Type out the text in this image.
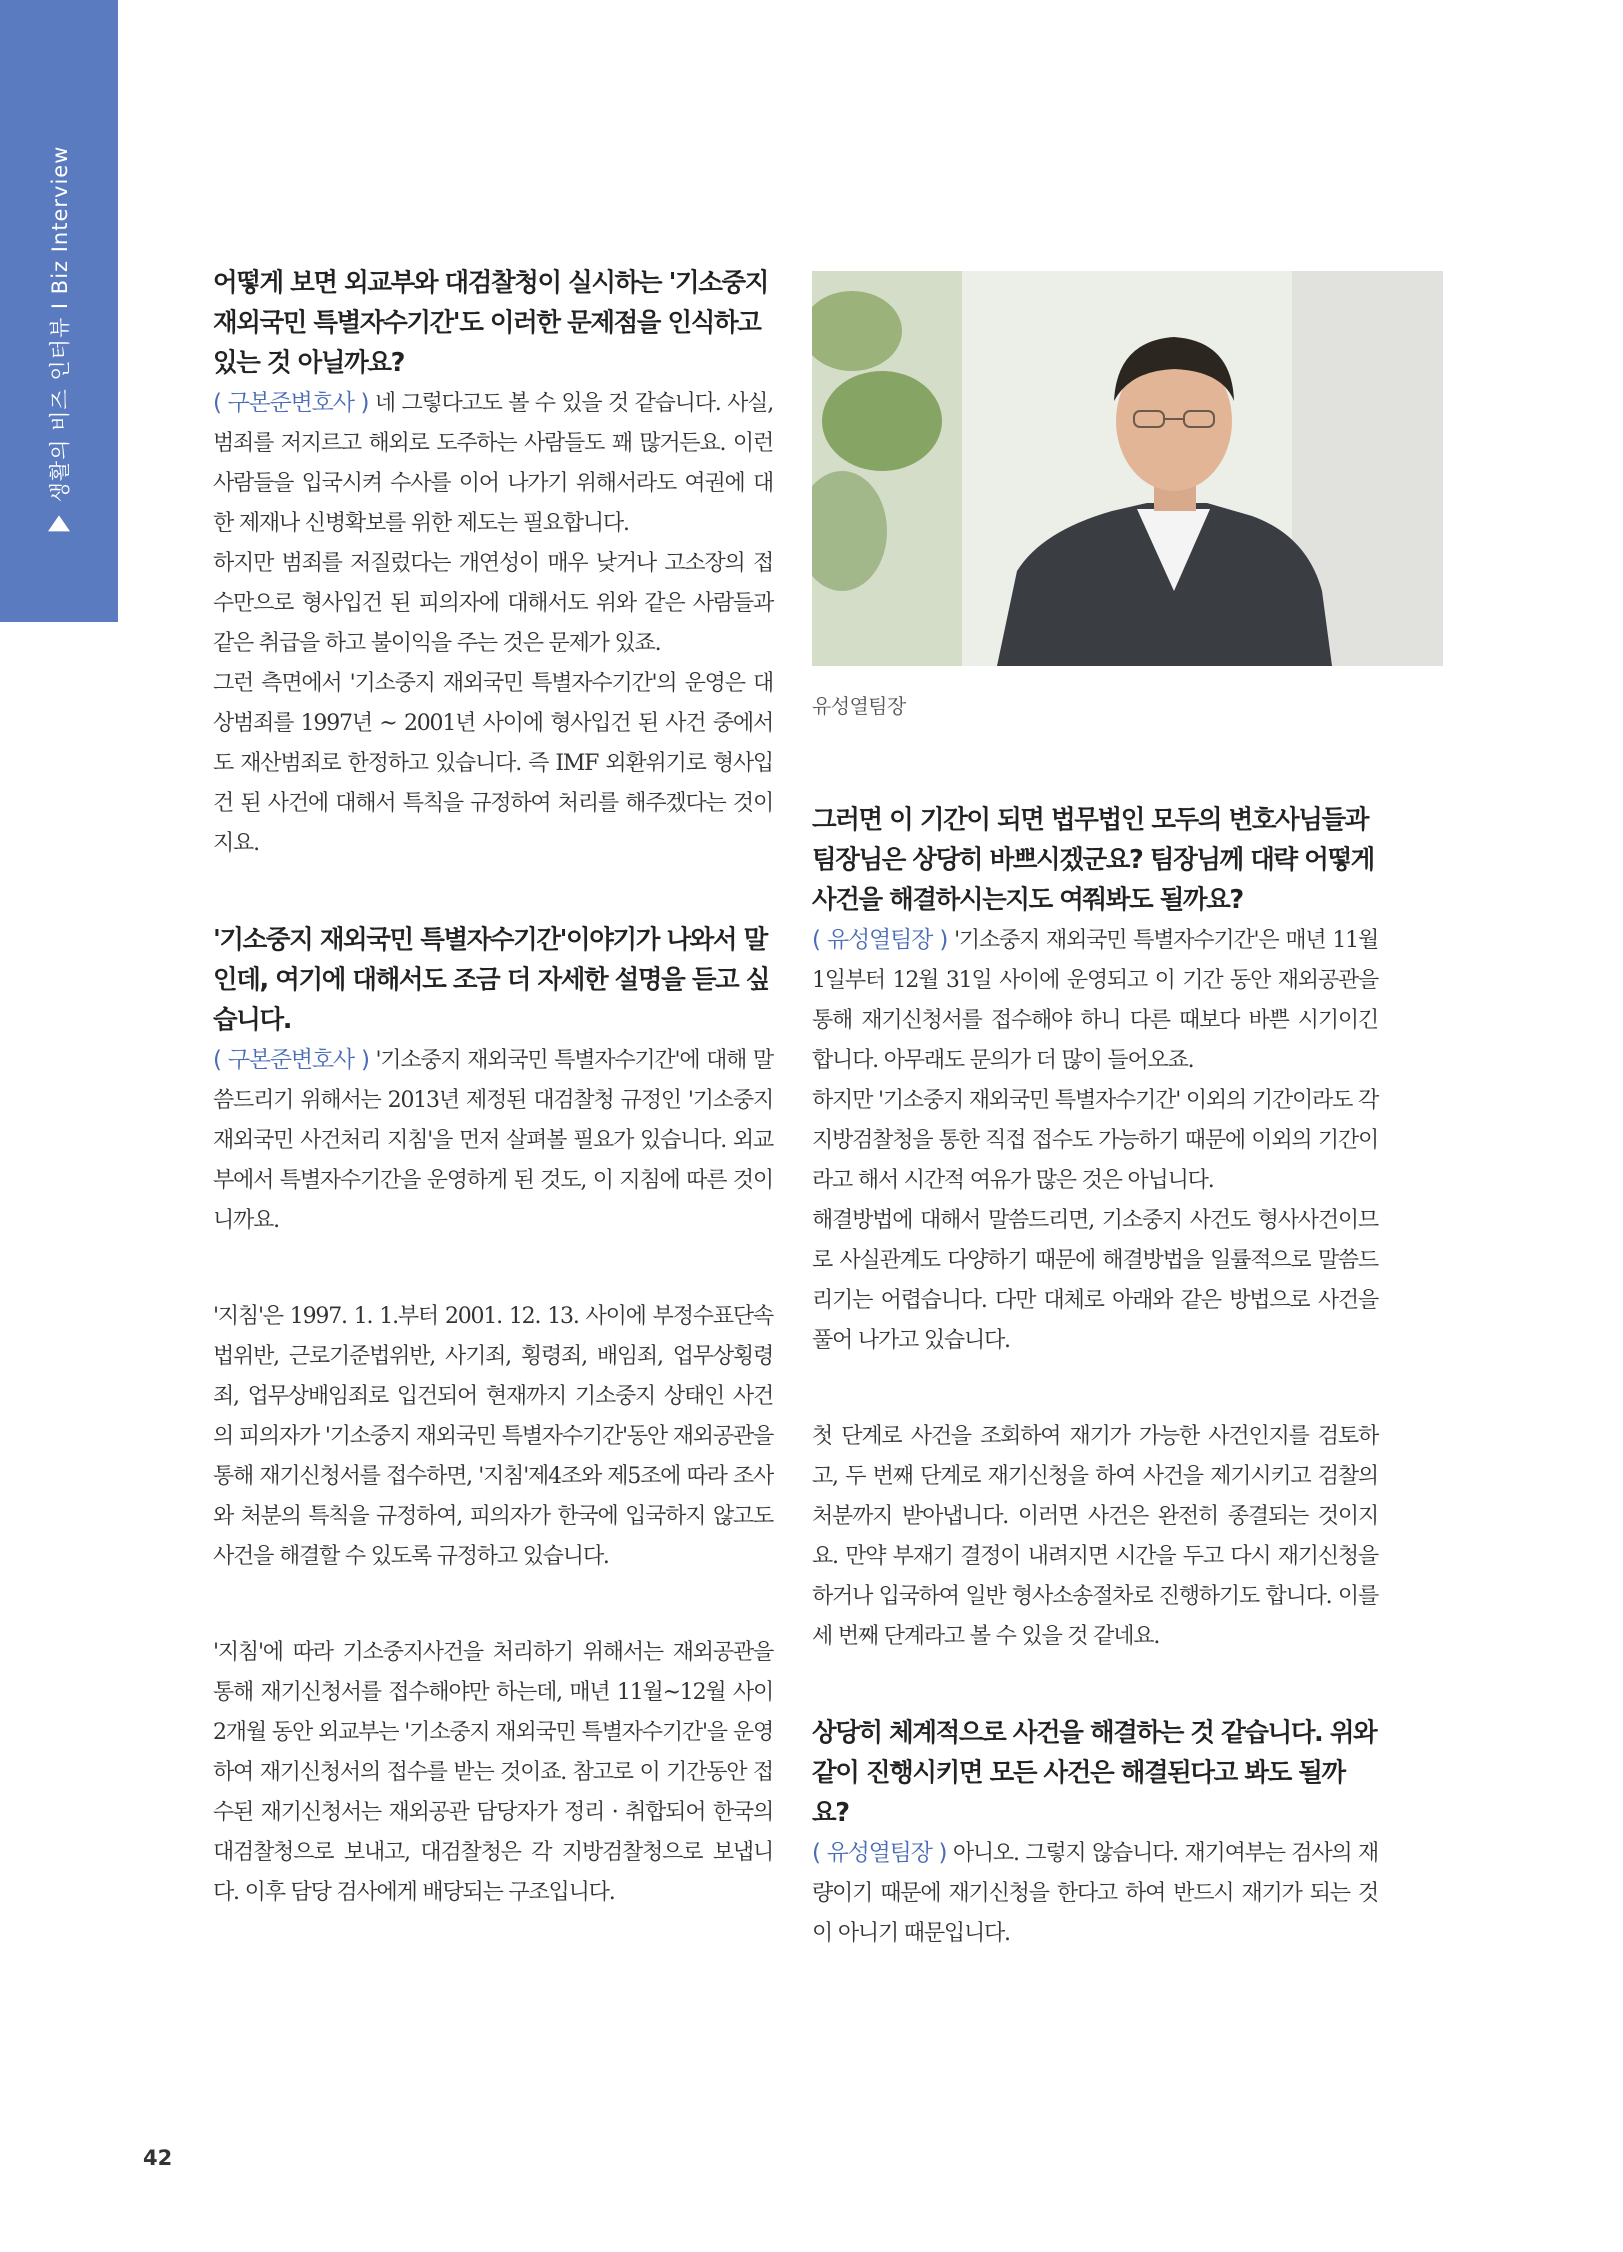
생활의 비즈 인터뷰 I Biz Interview	어떻게 보면 외교부와 대검찰청이 실시하는 '기소중지 재외국민 특별자수기간'도 이러한 문제점을 인식하고 있는 것 아닐까요?

( 구본준변호사 ) 네 그렇다고도 볼 수 있을 것 같습니다. 사실, 범죄를 저지르고 해외로 도주하는 사람들도 꽤 많거든요. 이런 사람들을 입국시켜 수사를 이어 나가기 위해서라도 여권에 대한 제재나 신병확보를 위한 제도는 필요합니다.

하지만 범죄를 저질렀다는 개연성이 매우 낮거나 고소장의 접수만으로 형사입건 된 피의자에 대해서도 위와 같은 사람들과 같은 취급을 하고 불이익을 주는 것은 문제가 있죠.

그런 측면에서 '기소중지 재외국민 특별자수기간'의 운영은 대상범죄를 1997년 ~ 2001년 사이에 형사입건 된 사건 중에서도 재산범죄로 한정하고 있습니다. 즉 IMF 외환위기로 형사입건 된 사건에 대해서 특칙을 규정하여 처리를 해주겠다는 것이지요.

'기소중지 재외국민 특별자수기간'이야기가 나와서 말인데, 여기에 대해서도 조금 더 자세한 설명을 듣고 싶습니다.

( 구본준변호사 ) '기소중지 재외국민 특별자수기간'에 대해 말씀드리기 위해서는 2013년 제정된 대검찰청 규정인 '기소중지 재외국민 사건처리 지침'을 먼저 살펴볼 필요가 있습니다. 외교부에서 특별자수기간을 운영하게 된 것도, 이 지침에 따른 것이니까요.

'지침'은 1997. 1. 1.부터 2001. 12. 13. 사이에 부정수표단속법위반, 근로기준법위반, 사기죄, 횡령죄, 배임죄, 업무상횡령죄, 업무상배임죄로 입건되어 현재까지 기소중지 상태인 사건의 피의자가 '기소중지 재외국민 특별자수기간'동안 재외공관을 통해 재기신청서를 접수하면, '지침'제4조와 제5조에 따라 조사와 처분의 특칙을 규정하여, 피의자가 한국에 입국하지 않고도 사건을 해결할 수 있도록 규정하고 있습니다.

'지침'에 따라 기소중지사건을 처리하기 위해서는 재외공관을 통해 재기신청서를 접수해야만 하는데, 매년 11월~12월 사이 2개월 동안 외교부는 '기소중지 재외국민 특별자수기간'을 운영하여 재기신청서의 접수를 받는 것이죠. 참고로 이 기간동안 접수된 재기신청서는 재외공관 담당자가 정리 · 취합되어 한국의 대검찰청으로 보내고, 대검찰청은 각 지방검찰청으로 보냅니다. 이후 담당 검사에게 배당되는 구조입니다.

유성열팀장

그러면 이 기간이 되면 법무법인 모두의 변호사님들과 팀장님은 상당히 바쁘시겠군요? 팀장님께 대략 어떻게 사건을 해결하시는지도 여쭤봐도 될까요?

( 유성열팀장 ) '기소중지 재외국민 특별자수기간'은 매년 11월 1일부터 12월 31일 사이에 운영되고 이 기간 동안 재외공관을 통해 재기신청서를 접수해야 하니 다른 때보다 바쁜 시기이긴 합니다. 아무래도 문의가 더 많이 들어오죠.

하지만 '기소중지 재외국민 특별자수기간' 이외의 기간이라도 각 지방검찰청을 통한 직접 접수도 가능하기 때문에 이외의 기간이라고 해서 시간적 여유가 많은 것은 아닙니다.

해결방법에 대해서 말씀드리면, 기소중지 사건도 형사사건이므로 사실관계도 다양하기 때문에 해결방법을 일률적으로 말씀드리기는 어렵습니다. 다만 대체로 아래와 같은 방법으로 사건을 풀어 나가고 있습니다.

첫 단계로 사건을 조회하여 재기가 가능한 사건인지를 검토하고, 두 번째 단계로 재기신청을 하여 사건을 제기시키고 검찰의 처분까지 받아냅니다. 이러면 사건은 완전히 종결되는 것이지요. 만약 부재기 결정이 내려지면 시간을 두고 다시 재기신청을 하거나 입국하여 일반 형사소송절차로 진행하기도 합니다. 이를 세 번째 단계라고 볼 수 있을 것 같네요.

상당히 체계적으로 사건을 해결하는 것 같습니다. 위와 같이 진행시키면 모든 사건은 해결된다고 봐도 될까요?

( 유성열팀장 ) 아니오. 그렇지 않습니다. 재기여부는 검사의 재량이기 때문에 재기신청을 한다고 하여 반드시 재기가 되는 것이 아니기 때문입니다.

42
